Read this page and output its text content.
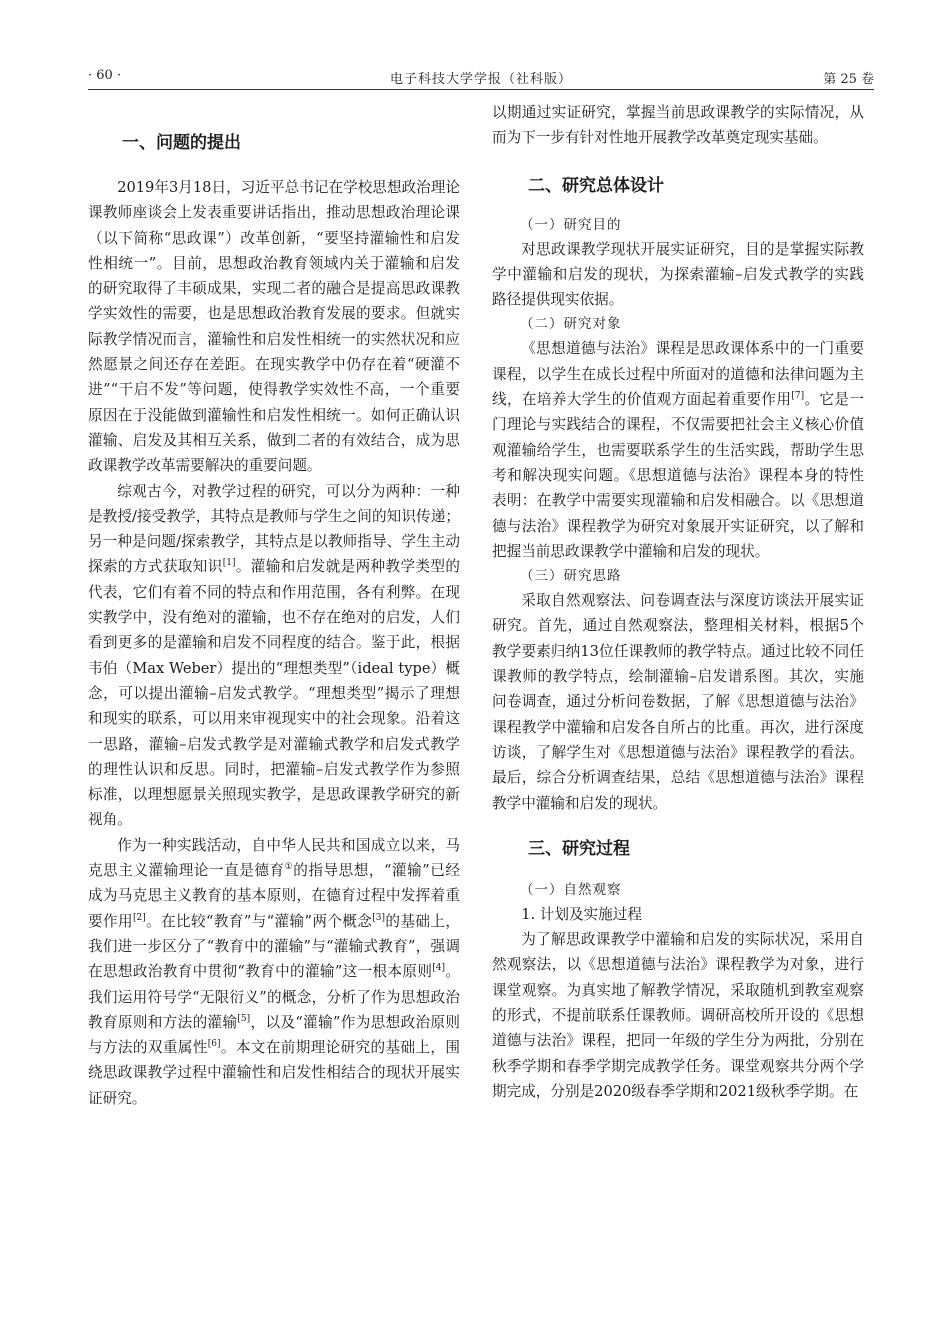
· 60 ·	电子科技大学学报（社科版）	第 25 卷
一、问题的提出

2019年3月18日，习近平总书记在学校思想政治理论课教师座谈会上发表重要讲话指出，推动思想政治理论课（以下简称“思政课”）改革创新，“要坚持灌输性和启发性相统一”。目前，思想政治教育领域内关于灌输和启发的研究取得了丰硕成果，实现二者的融合是提高思政课教学实效性的需要，也是思想政治教育发展的要求。但就实际教学情况而言，灌输性和启发性相统一的实然状况和应然愿景之间还存在差距。在现实教学中仍存在着“硬灌不进”“干启不发”等问题，使得教学实效性不高，一个重要原因在于没能做到灌输性和启发性相统一。如何正确认识灌输、启发及其相互关系，做到二者的有效结合，成为思政课教学改革需要解决的重要问题。

综观古今，对教学过程的研究，可以分为两种：一种是教授/接受教学，其特点是教师与学生之间的知识传递；另一种是问题/探索教学，其特点是以教师指导、学生主动探索的方式获取知识[1]。灌输和启发就是两种教学类型的代表，它们有着不同的特点和作用范围，各有利弊。在现实教学中，没有绝对的灌输，也不存在绝对的启发，人们看到更多的是灌输和启发不同程度的结合。鉴于此，根据韦伯（Max Weber）提出的“理想类型”（ideal type）概念，可以提出灌输–启发式教学。“理想类型”揭示了理想和现实的联系，可以用来审视现实中的社会现象。沿着这一思路，灌输–启发式教学是对灌输式教学和启发式教学的理性认识和反思。同时，把灌输–启发式教学作为参照标准，以理想愿景关照现实教学，是思政课教学研究的新视角。

作为一种实践活动，自中华人民共和国成立以来，马克思主义灌输理论一直是德育①的指导思想，“灌输”已经成为马克思主义教育的基本原则，在德育过程中发挥着重要作用[2]。在比较“教育”与“灌输”两个概念[3]的基础上，我们进一步区分了“教育中的灌输”与“灌输式教育”，强调在思想政治教育中贯彻“教育中的灌输”这一根本原则[4]。我们运用符号学“无限衍义”的概念，分析了作为思想政治教育原则和方法的灌输[5]，以及“灌输”作为思想政治原则与方法的双重属性[6]。本文在前期理论研究的基础上，围绕思政课教学过程中灌输性和启发性相结合的现状开展实证研究。

以期通过实证研究，掌握当前思政课教学的实际情况，从而为下一步有针对性地开展教学改革奠定现实基础。

二、研究总体设计

（一）研究目的

对思政课教学现状开展实证研究，目的是掌握实际教学中灌输和启发的现状，为探索灌输–启发式教学的实践路径提供现实依据。

（二）研究对象

《思想道德与法治》课程是思政课体系中的一门重要课程，以学生在成长过程中所面对的道德和法律问题为主线，在培养大学生的价值观方面起着重要作用[7]。它是一门理论与实践结合的课程，不仅需要把社会主义核心价值观灌输给学生，也需要联系学生的生活实践，帮助学生思考和解决现实问题。《思想道德与法治》课程本身的特性表明：在教学中需要实现灌输和启发相融合。以《思想道德与法治》课程教学为研究对象展开实证研究，以了解和把握当前思政课教学中灌输和启发的现状。

（三）研究思路

采取自然观察法、问卷调查法与深度访谈法开展实证研究。首先，通过自然观察法，整理相关材料，根据5个教学要素归纳13位任课教师的教学特点。通过比较不同任课教师的教学特点，绘制灌输–启发谱系图。其次，实施问卷调查，通过分析问卷数据，了解《思想道德与法治》课程教学中灌输和启发各自所占的比重。再次，进行深度访谈，了解学生对《思想道德与法治》课程教学的看法。最后，综合分析调查结果，总结《思想道德与法治》课程教学中灌输和启发的现状。

三、研究过程

（一）自然观察

1. 计划及实施过程

为了解思政课教学中灌输和启发的实际状况，采用自然观察法，以《思想道德与法治》课程教学为对象，进行课堂观察。为真实地了解教学情况，采取随机到教室观察的形式，不提前联系任课教师。调研高校所开设的《思想道德与法治》课程，把同一年级的学生分为两批，分别在秋季学期和春季学期完成教学任务。课堂观察共分两个学期完成，分别是2020级春季学期和2021级秋季学期。在
